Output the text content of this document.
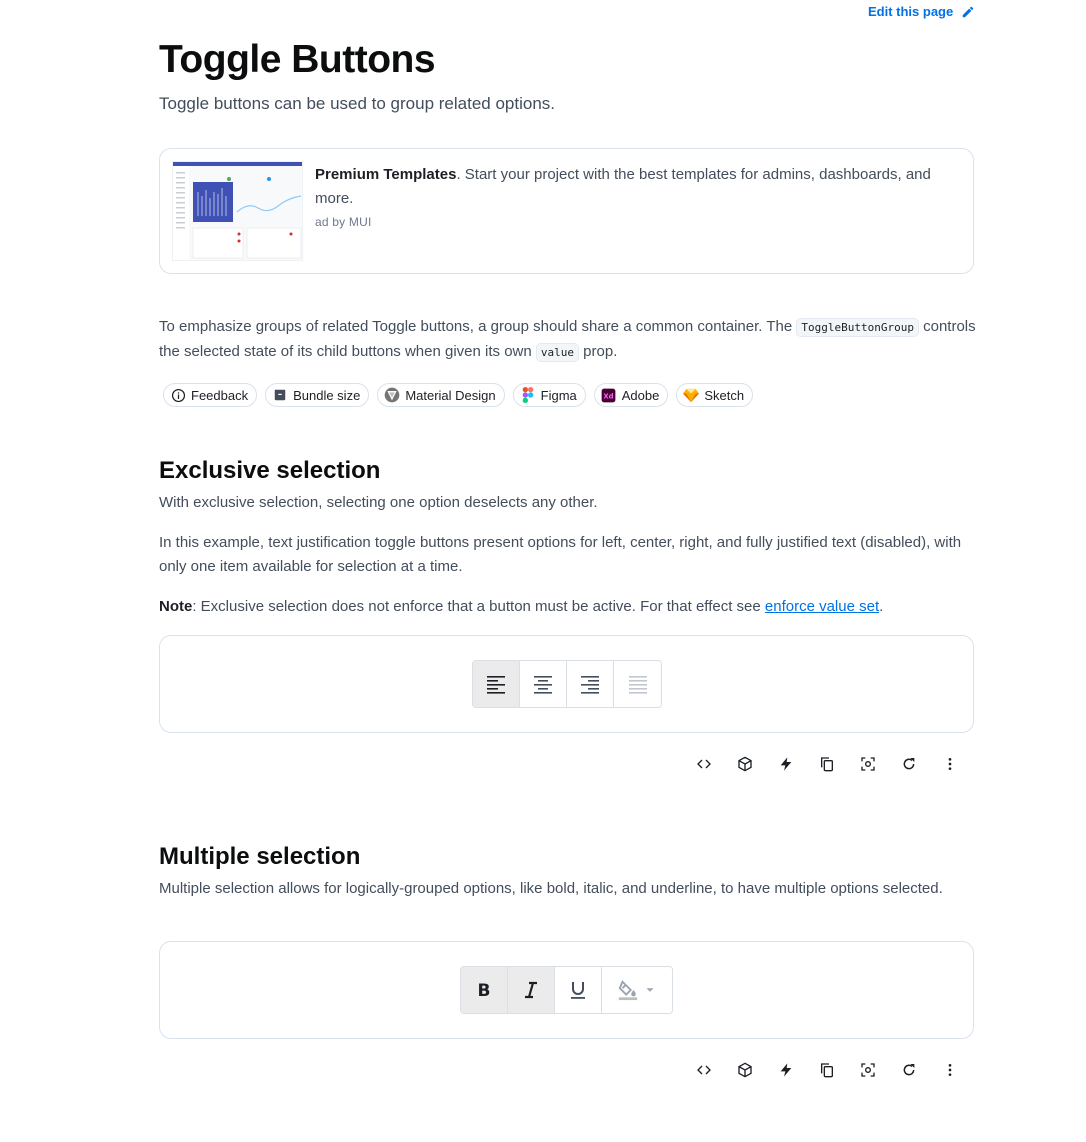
Edit this page
Toggle Buttons

Toggle buttons can be used to group related options.

Premium Templates. Start your project with the best templates for admins, dashboards, and more.
ad by MUI

To emphasize groups of related Toggle buttons, a group should share a common container. The ToggleButtonGroup controls the selected state of its child buttons when given its own value prop.

Feedback	Bundle size	Material Design	Figma Xd Adobe	Sketch
Exclusive selection

With exclusive selection, selecting one option deselects any other.

In this example, text justification toggle buttons present options for left, center, right, and fully justified text (disabled), with only one item available for selection at a time.

Note: Exclusive selection does not enforce that a button must be active. For that effect see enforce value set.

Multiple selection

Multiple selection allows for logically-grouped options, like bold, italic, and underline, to have multiple options selected.

B
